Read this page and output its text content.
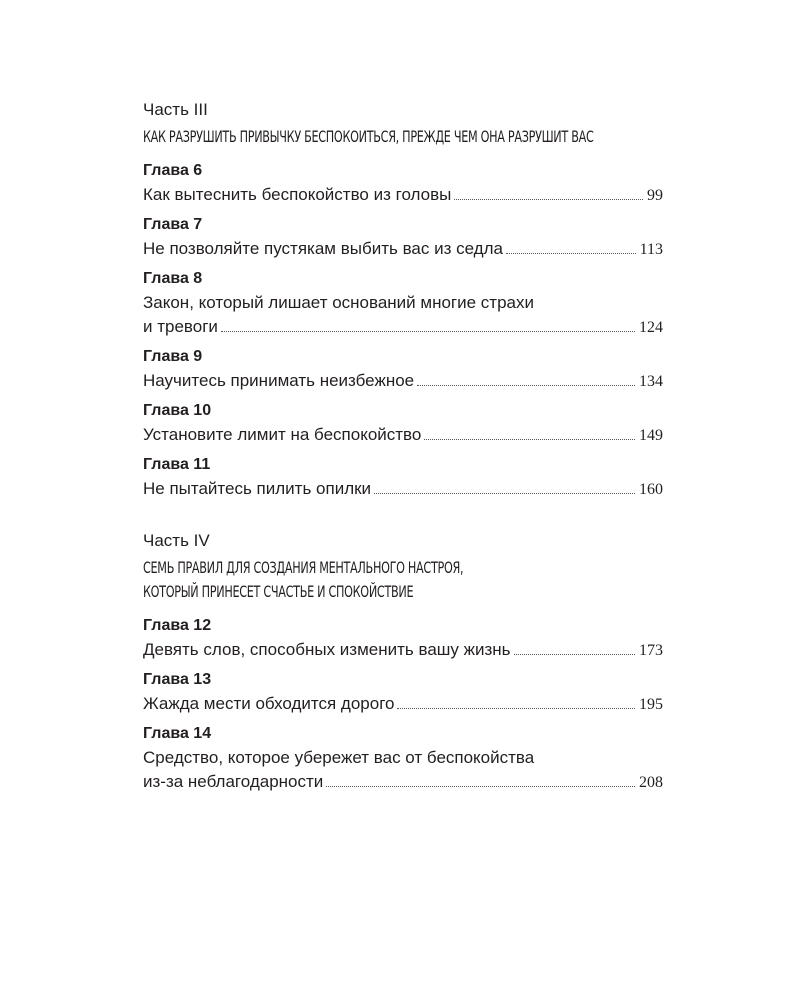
Часть III
КАК РАЗРУШИТЬ ПРИВЫЧКУ БЕСПОКОИТЬСЯ, ПРЕЖДЕ ЧЕМ ОНА РАЗРУШИТ ВАС
Глава 6
Как вытеснить беспокойство из головы	99
Глава 7
Не позволяйте пустякам выбить вас из седла	113
Глава 8
Закон, который лишает оснований многие страхи
и тревоги	124
Глава 9
Научитесь принимать неизбежное	134
Глава 10
Установите лимит на беспокойство	149
Глава 11
Не пытайтесь пилить опилки	160
Часть IV
СЕМЬ ПРАВИЛ ДЛЯ СОЗДАНИЯ МЕНТАЛЬНОГО НАСТРОЯ,
КОТОРЫЙ ПРИНЕСЕТ СЧАСТЬЕ И СПОКОЙСТВИЕ
Глава 12
Девять слов, способных изменить вашу жизнь	173
Глава 13
Жажда мести обходится дорого	195
Глава 14
Средство, которое убережет вас от беспокойства
из-за неблагодарности	208
